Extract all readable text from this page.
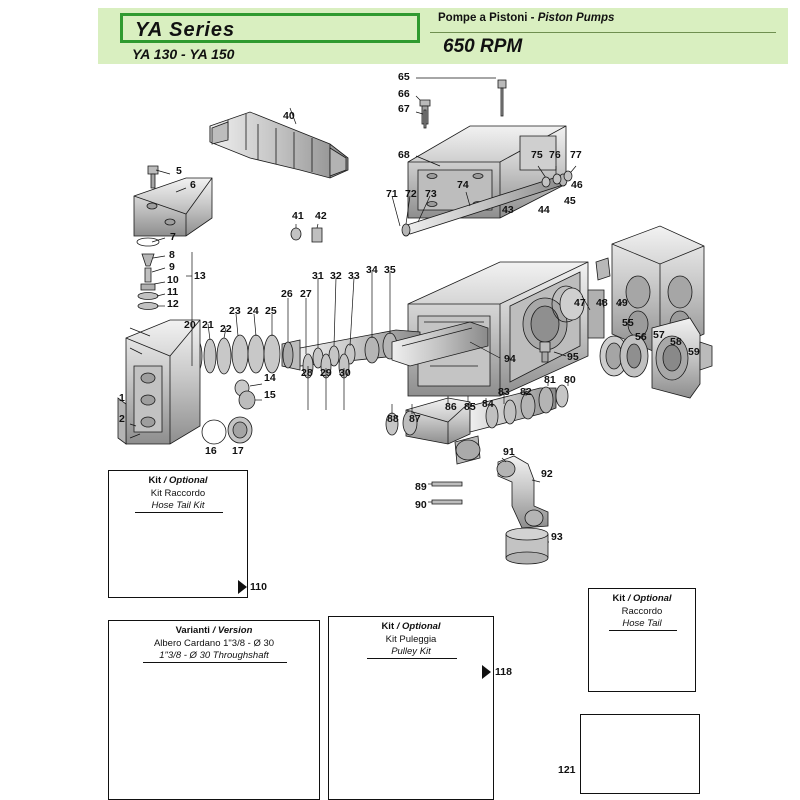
YA Series
YA 130 - YA 150
Pompe a Pistoni - Piston Pumps
650 RPM
1
2
5
6
7
8
9
10
11
12
13
14
15
16 17
20 21 22
23 24 25
26 27
28 29 30
31 32 33 34 35
40
41 42	43 44
45
46
47 48 49
55
56 57
58
59
65
66
67
68
71 72 73
74
75 76 77
80
81
82
83
84
85
86
87
88
89
90
91
92
93
94	95
110
118
121
Kit / Optional
Kit Raccordo
Hose Tail Kit
Varianti / Version
Albero Cardano 1"3/8 - Ø 30
1"3/8 - Ø 30 Throughshaft
Kit / Optional
Kit Puleggia
Pulley Kit
Kit / Optional
Raccordo
Hose Tail
